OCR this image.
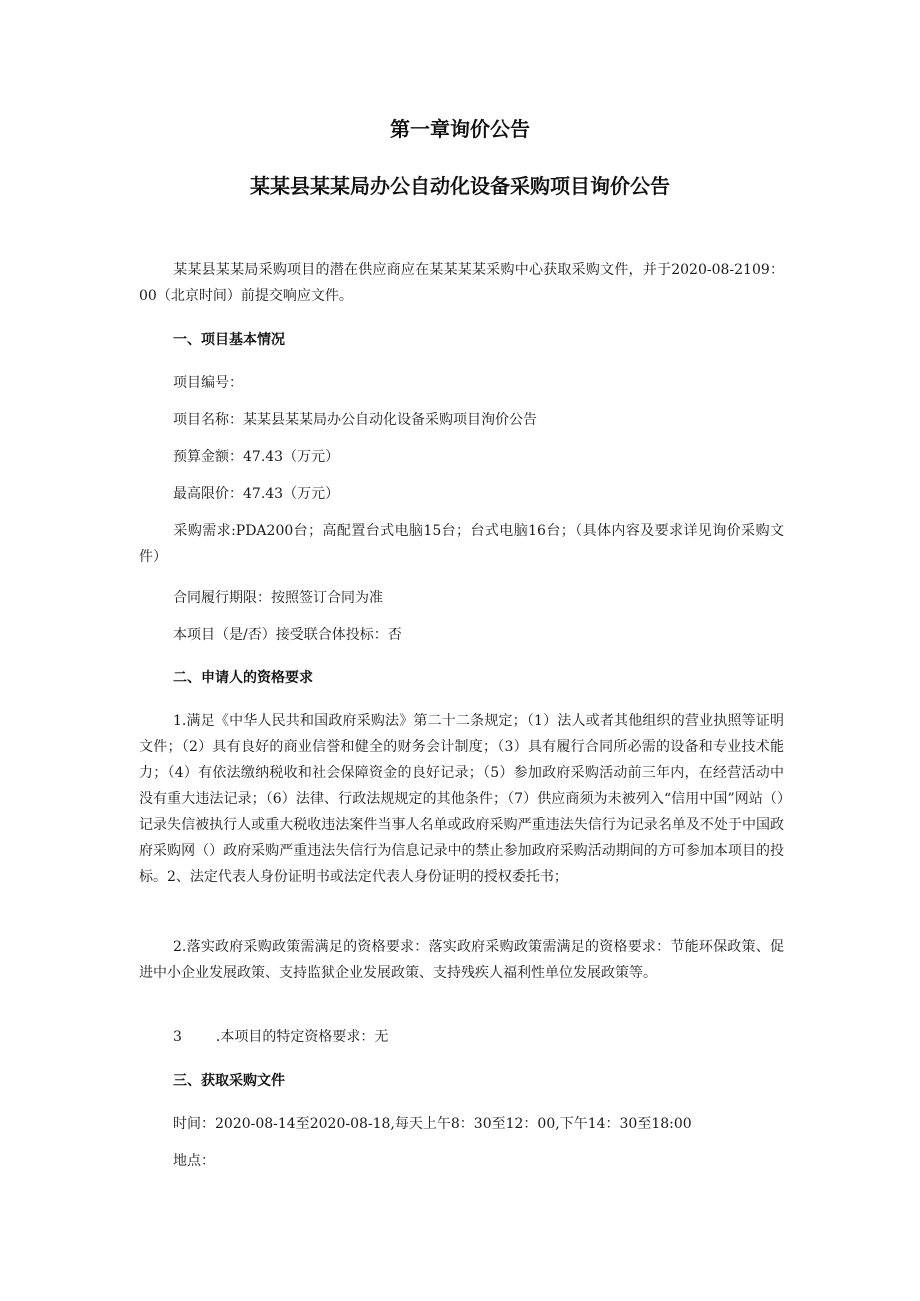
第一章询价公告
某某县某某局办公自动化设备采购项目询价公告

某某县某某局采购项目的潜在供应商应在某某某某采购中心获取采购文件，并于2020-08-2109：00（北京时间）前提交响应文件。

一、项目基本情况
项目编号：
项目名称：某某县某某局办公自动化设备采购项目洵价公告
预算金额：47.43（万元）
最高限价：47.43（万元）

采购需求:PDA200台；高配置台式电脑15台；台式电脑16台；（具体内容及要求详见询价采购文件）

合同履行期限：按照签订合同为准
本项目（是/否）接受联合体投标：否
二、申请人的资格要求

1.满足《中华人民共和国政府采购法》第二十二条规定；（1）法人或者其他组织的营业执照等证明文件；（2）具有良好的商业信誉和健全的财务会计制度；（3）具有履行合同所必需的设备和专业技术能力；（4）有依法缴纳税收和社会保障资金的良好记录；（5）参加政府采购活动前三年内，在经营活动中没有重大违法记录；（6）法律、行政法规规定的其他条件；（7）供应商须为未被列入“信用中国”网站（）记录失信被执行人或重大税收违法案件当事人名单或政府采购严重违法失信行为记录名单及不处于中国政府采购网（）政府采购严重违法失信行为信息记录中的禁止参加政府采购活动期间的方可参加本项目的投标。2、法定代表人身份证明书或法定代表人身份证明的授权委托书；

2.落实政府采购政策需满足的资格要求：落实政府采购政策需满足的资格要求：节能环保政策、促进中小企业发展政策、支持监狱企业发展政策、支持残疾人福利性单位发展政策等。

3 .本项目的特定资格要求：无
三、获取采购文件
时间：2020-08-14至2020-08-18,每天上午8：30至12：00,下午14：30至18:00
地点：
